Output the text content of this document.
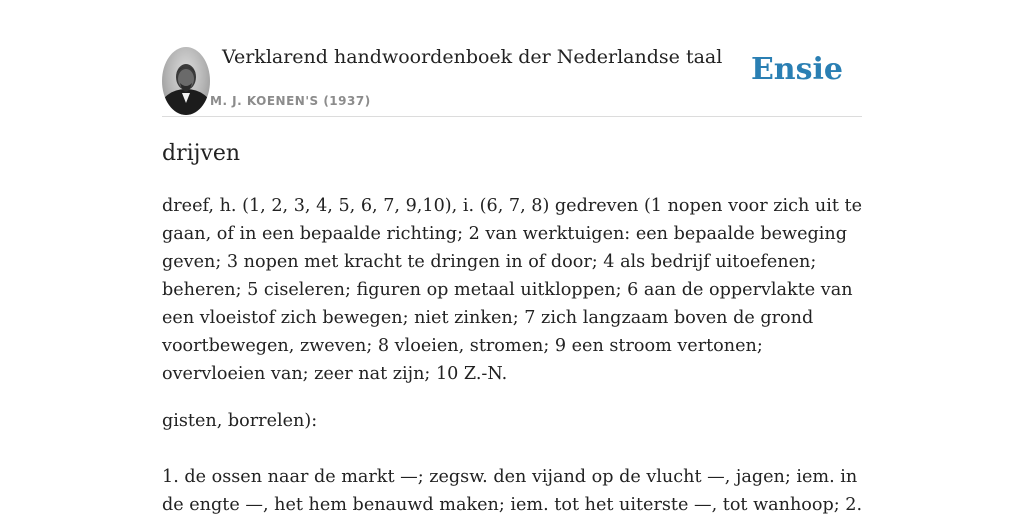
Verklarend handwoordenboek der Nederlandse taal
M. J. KOENEN'S (1937)
Ensie
drijven

dreef, h. (1, 2, 3, 4, 5, 6, 7, 9,10), i. (6, 7, 8) gedreven (1 nopen voor zich uit te gaan, of in een bepaalde richting; 2 van werktuigen: een bepaalde beweging geven; 3 nopen met kracht te dringen in of door; 4 als bedrijf uitoefenen; beheren; 5 ciseleren; figuren op metaal uitkloppen; 6 aan de oppervlakte van een vloeistof zich bewegen; niet zinken; 7 zich langzaam boven de grond voortbewegen, zweven; 8 vloeien, stromen; 9 een stroom vertonen; overvloeien van; zeer nat zijn; 10 Z.-N.

gisten, borrelen):

1. de ossen naar de markt —; zegsw. den vijand op de vlucht —, jagen; iem. in de engte —, het hem benauwd maken; iem. tot het uiterste —, tot wanhoop; 2.
